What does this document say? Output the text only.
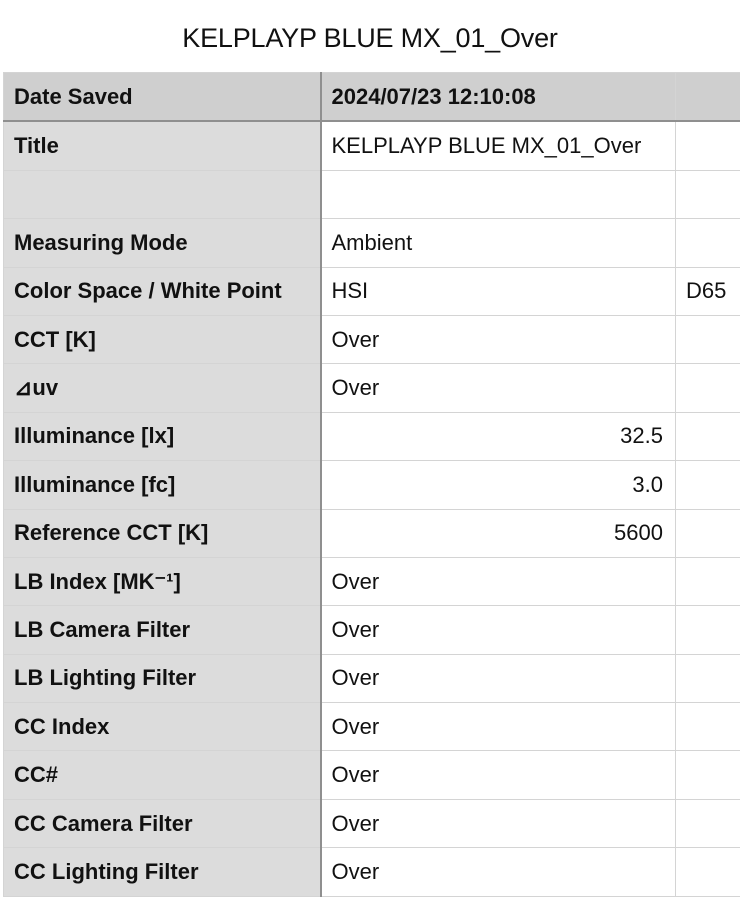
KELPLAYP BLUE MX_01_Over
Date Saved	2024/07/23 12:10:08	
Title	KELPLAYP BLUE MX_01_Over	

Measuring Mode	Ambient	
Color Space / White Point	HSI	D65
CCT [K]	Over	
⊿uv	Over	
Illuminance [lx]	32.5	
Illuminance [fc]	3.0	
Reference CCT [K]	5600	
LB Index [MK⁻¹]	Over	
LB Camera Filter	Over	
LB Lighting Filter	Over	
CC Index	Over	
CC#	Over	
CC Camera Filter	Over	
CC Lighting Filter	Over	
